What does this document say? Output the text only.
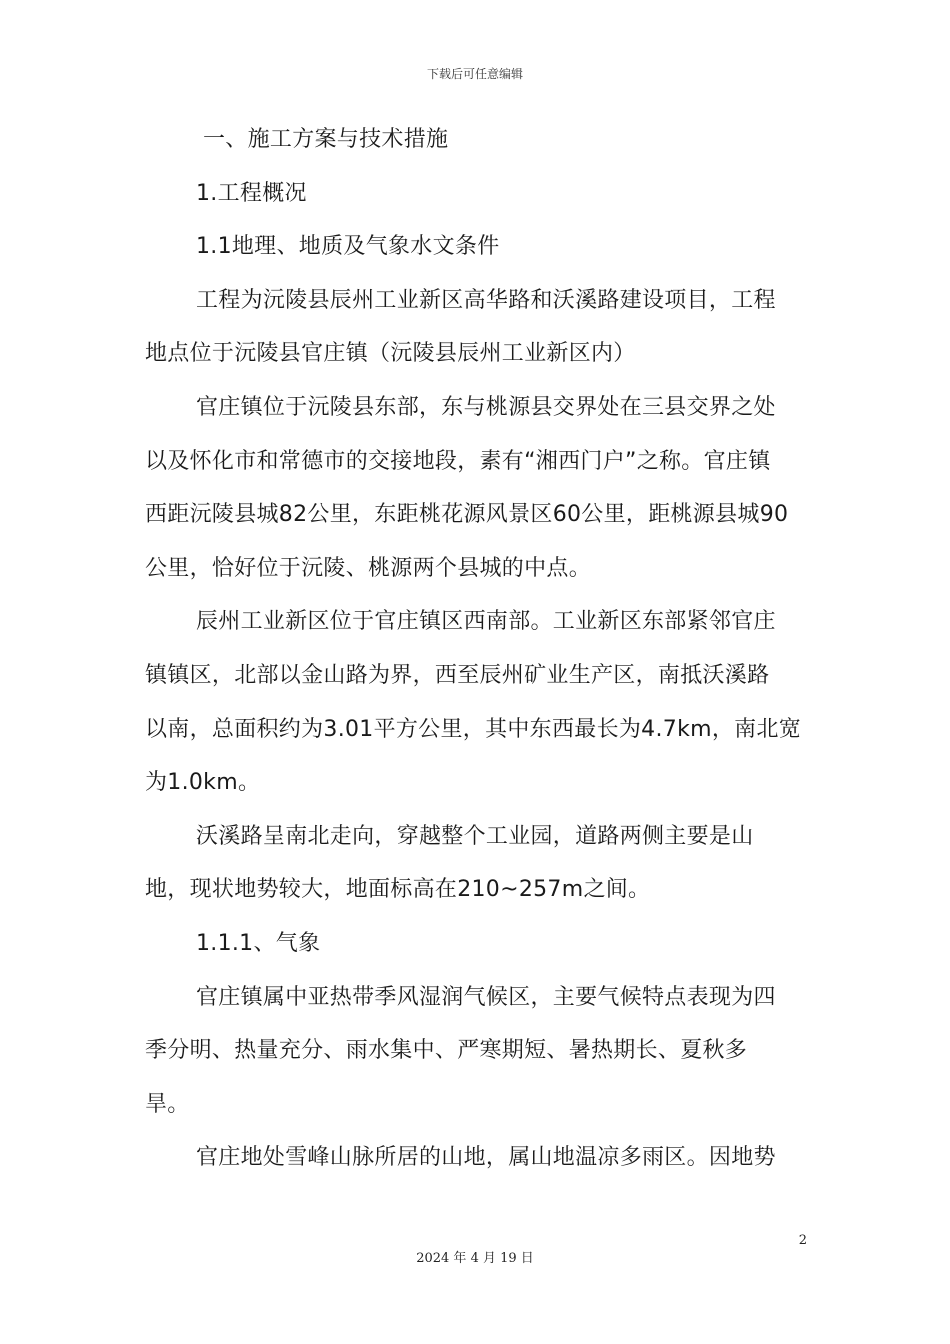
下载后可任意编辑
一、施工方案与技术措施
1.工程概况
1.1地理、地质及气象水文条件
工程为沅陵县辰州工业新区高华路和沃溪路建设项目，工程
地点位于沅陵县官庄镇（沅陵县辰州工业新区内）
官庄镇位于沅陵县东部，东与桃源县交界处在三县交界之处
以及怀化市和常德市的交接地段，素有“湘西门户”之称。官庄镇
西距沅陵县城82公里，东距桃花源风景区60公里，距桃源县城90
公里，恰好位于沅陵、桃源两个县城的中点。
辰州工业新区位于官庄镇区西南部。工业新区东部紧邻官庄
镇镇区，北部以金山路为界，西至辰州矿业生产区，南抵沃溪路
以南，总面积约为3.01平方公里，其中东西最长为4.7km，南北宽
为1.0km。
沃溪路呈南北走向，穿越整个工业园，道路两侧主要是山
地，现状地势较大，地面标高在210~257m之间。
1.1.1、气象
官庄镇属中亚热带季风湿润气候区，主要气候特点表现为四
季分明、热量充分、雨水集中、严寒期短、暑热期长、夏秋多
旱。
官庄地处雪峰山脉所居的山地，属山地温凉多雨区。因地势
2
2024 年 4 月 19 日
